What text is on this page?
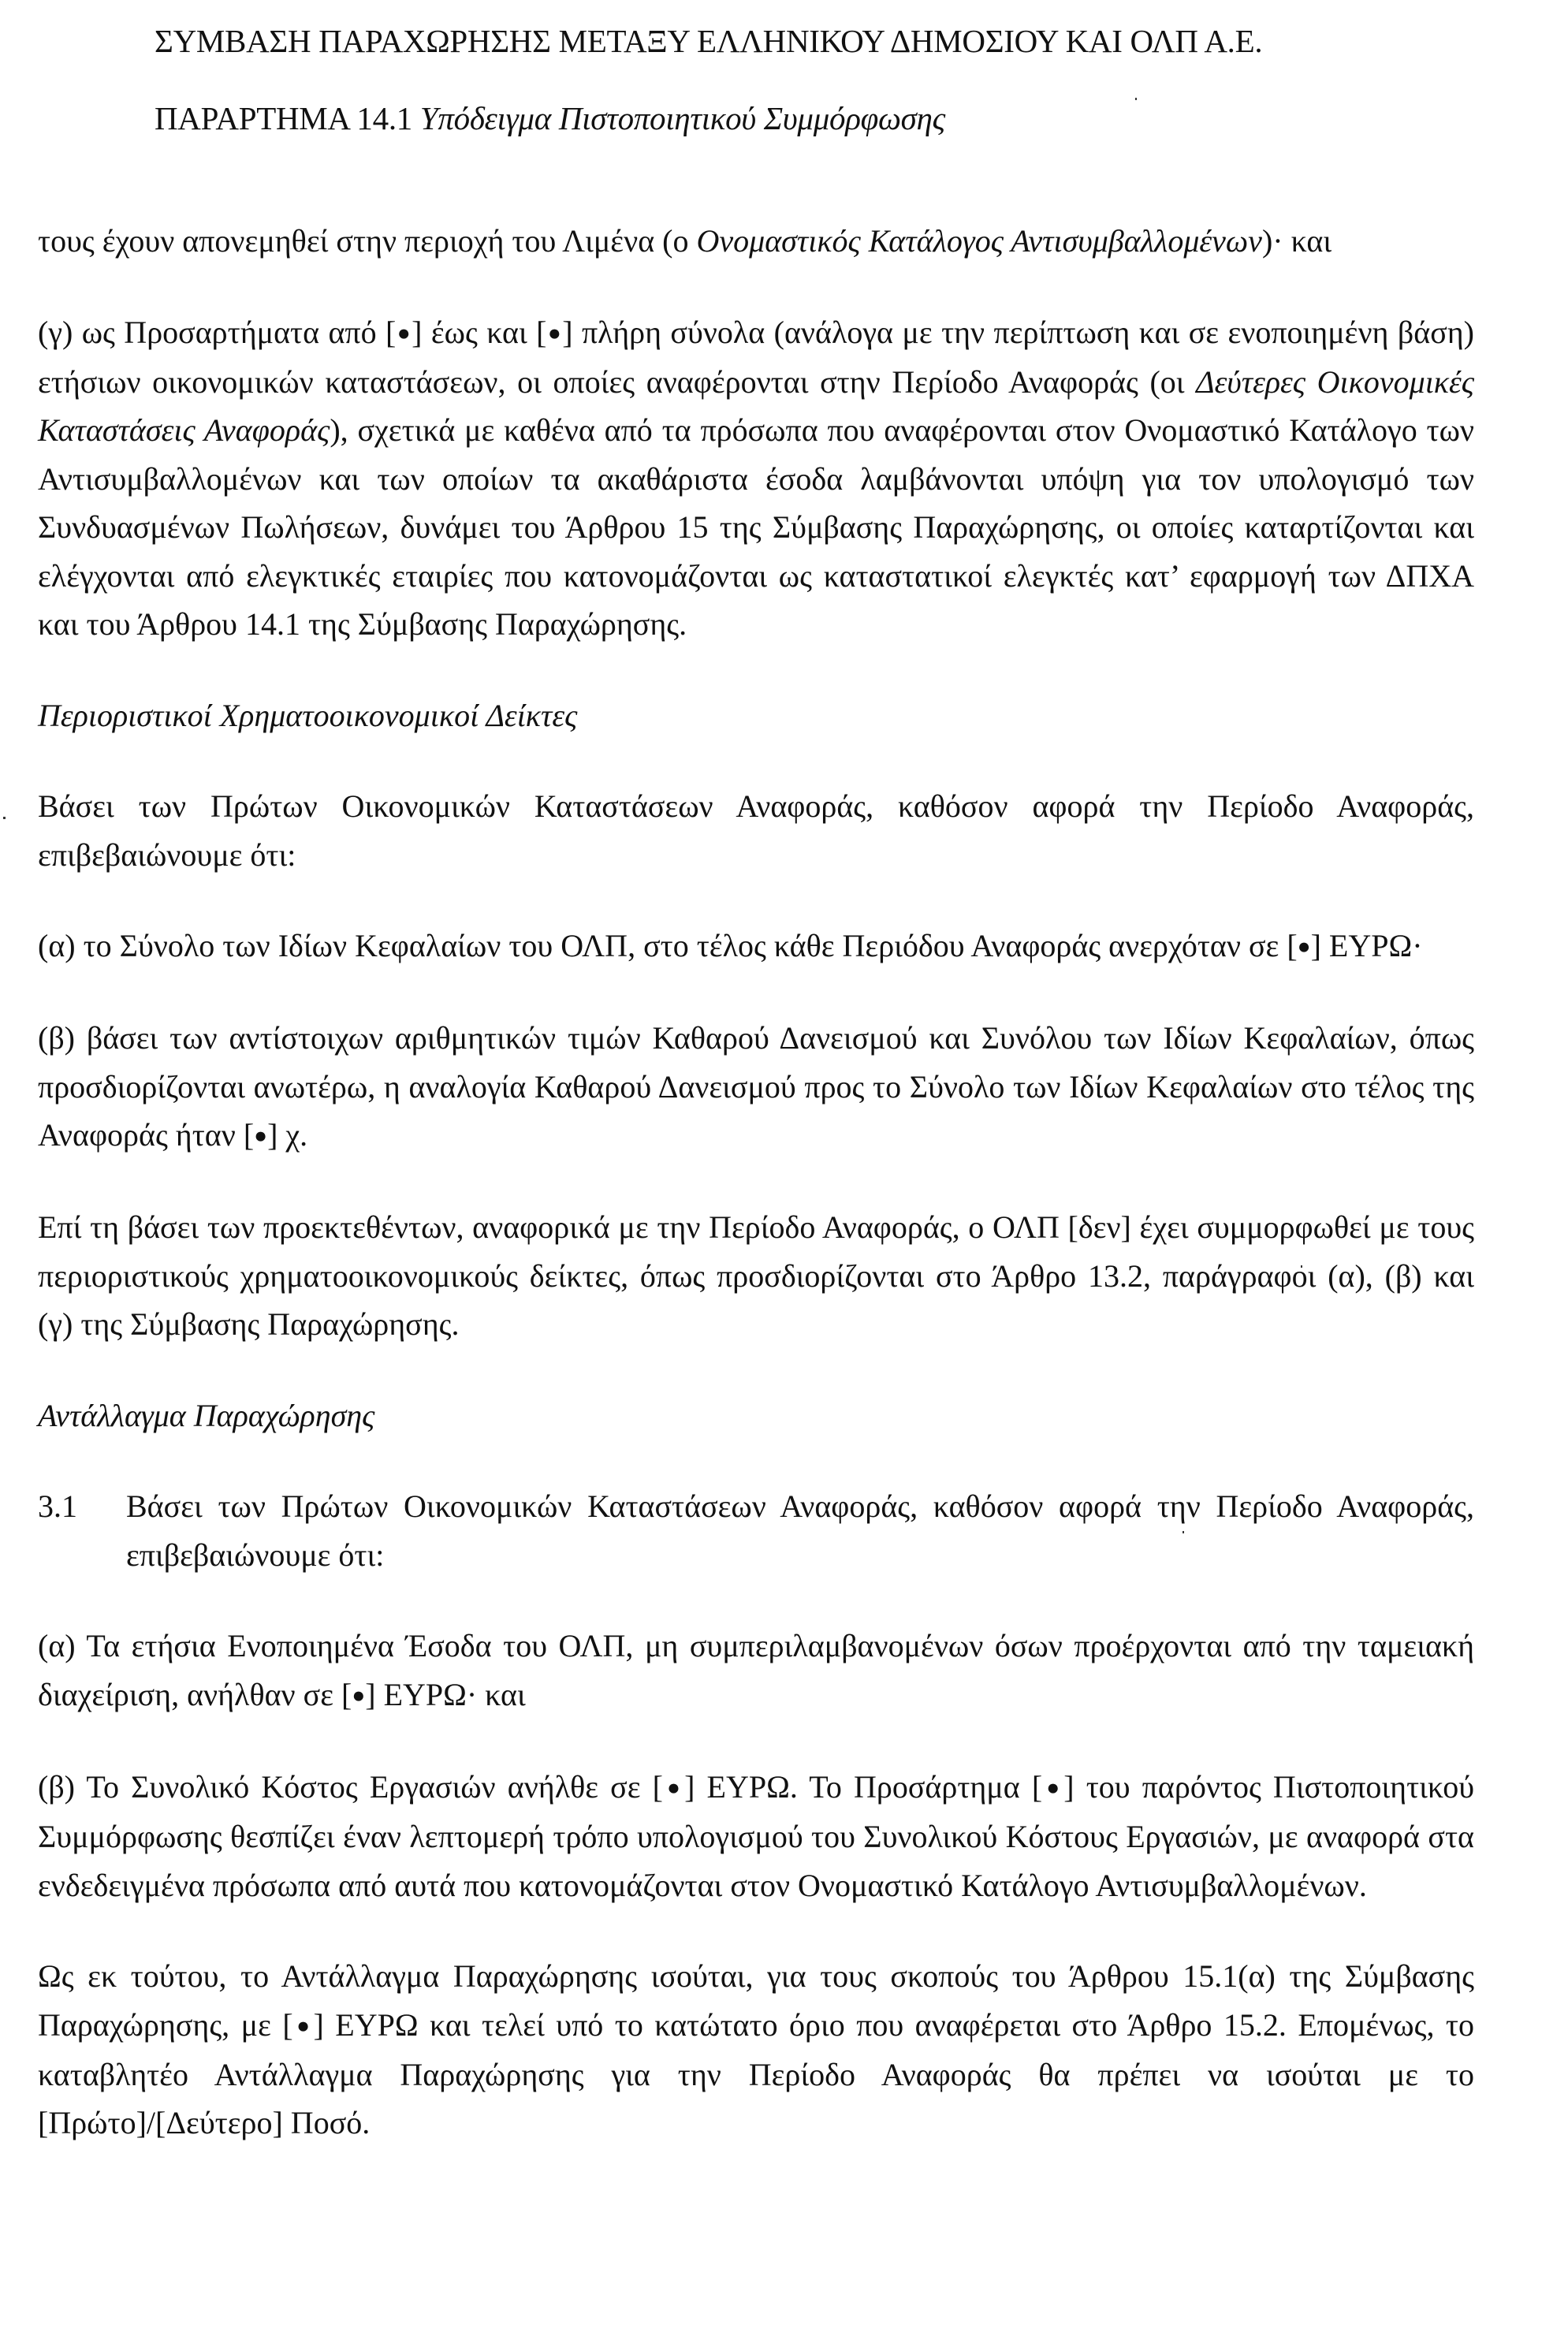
ΣΥΜΒΑΣΗ ΠΑΡΑΧΩΡΗΣΗΣ ΜΕΤΑΞΥ ΕΛΛΗΝΙΚΟΥ ΔΗΜΟΣΙΟΥ ΚΑΙ ΟΛΠ Α.Ε.
ΠΑΡΑΡΤΗΜΑ 14.1 Υπόδειγμα Πιστοποιητικού Συμμόρφωσης

τους έχουν απονεμηθεί στην περιοχή του Λιμένα (ο Ονομαστικός Κατάλογος Αντισυμβαλλομένων)· και

(γ) ως Προσαρτήματα από [●] έως και [●] πλήρη σύνολα (ανάλογα με την περίπτωση και σε ενοποιημένη βάση) ετήσιων οικονομικών καταστάσεων, οι οποίες αναφέρονται στην Περίοδο Αναφοράς (οι Δεύτερες Οικονομικές Καταστάσεις Αναφοράς), σχετικά με καθένα από τα πρόσωπα που αναφέρονται στον Ονομαστικό Κατάλογο των Αντισυμβαλλομένων και των οποίων τα ακαθάριστα έσοδα λαμβάνονται υπόψη για τον υπολογισμό των Συνδυασμένων Πωλήσεων, δυνάμει του Άρθρου 15 της Σύμβασης Παραχώρησης, οι οποίες καταρτίζονται και ελέγχονται από ελεγκτικές εταιρίες που κατονομάζονται ως καταστατικοί ελεγκτές κατ’ εφαρμογή των ΔΠΧΑ και του Άρθρου 14.1 της Σύμβασης Παραχώρησης.

Περιοριστικοί Χρηματοοικονομικοί Δείκτες

Βάσει των Πρώτων Οικονομικών Καταστάσεων Αναφοράς, καθόσον αφορά την Περίοδο Αναφοράς, επιβεβαιώνουμε ότι:

(α) το Σύνολο των Ιδίων Κεφαλαίων του ΟΛΠ, στο τέλος κάθε Περιόδου Αναφοράς ανερχόταν σε [●] ΕΥΡΩ·

(β) βάσει των αντίστοιχων αριθμητικών τιμών Καθαρού Δανεισμού και Συνόλου των Ιδίων Κεφαλαίων, όπως προσδιορίζονται ανωτέρω, η αναλογία Καθαρού Δανεισμού προς το Σύνολο των Ιδίων Κεφαλαίων στο τέλος της Αναφοράς ήταν [●] χ.

Επί τη βάσει των προεκτεθέντων, αναφορικά με την Περίοδο Αναφοράς, ο ΟΛΠ [δεν] έχει συμμορφωθεί με τους περιοριστικούς χρηματοοικονομικούς δείκτες, όπως προσδιορίζονται στο Άρθρο 13.2, παράγραφοι (α), (β) και (γ) της Σύμβασης Παραχώρησης.

Αντάλλαγμα Παραχώρησης

3.1	Βάσει των Πρώτων Οικονομικών Καταστάσεων Αναφοράς, καθόσον αφορά την Περίοδο Αναφοράς, επιβεβαιώνουμε ότι:

(α) Τα ετήσια Ενοποιημένα Έσοδα του ΟΛΠ, μη συμπεριλαμβανομένων όσων προέρχονται από την ταμειακή διαχείριση, ανήλθαν σε [●] ΕΥΡΩ· και

(β) Το Συνολικό Κόστος Εργασιών ανήλθε σε [●] ΕΥΡΩ. Το Προσάρτημα [●] του παρόντος Πιστοποιητικού Συμμόρφωσης θεσπίζει έναν λεπτομερή τρόπο υπολογισμού του Συνολικού Κόστους Εργασιών, με αναφορά στα ενδεδειγμένα πρόσωπα από αυτά που κατονομάζονται στον Ονομαστικό Κατάλογο Αντισυμβαλλομένων.

Ως εκ τούτου, το Αντάλλαγμα Παραχώρησης ισούται, για τους σκοπούς του Άρθρου 15.1(α) της Σύμβασης Παραχώρησης, με [●] ΕΥΡΩ και τελεί υπό το κατώτατο όριο που αναφέρεται στο Άρθρο 15.2. Επομένως, το καταβλητέο Αντάλλαγμα Παραχώρησης για την Περίοδο Αναφοράς θα πρέπει να ισούται με το [Πρώτο]/[Δεύτερο] Ποσό.
